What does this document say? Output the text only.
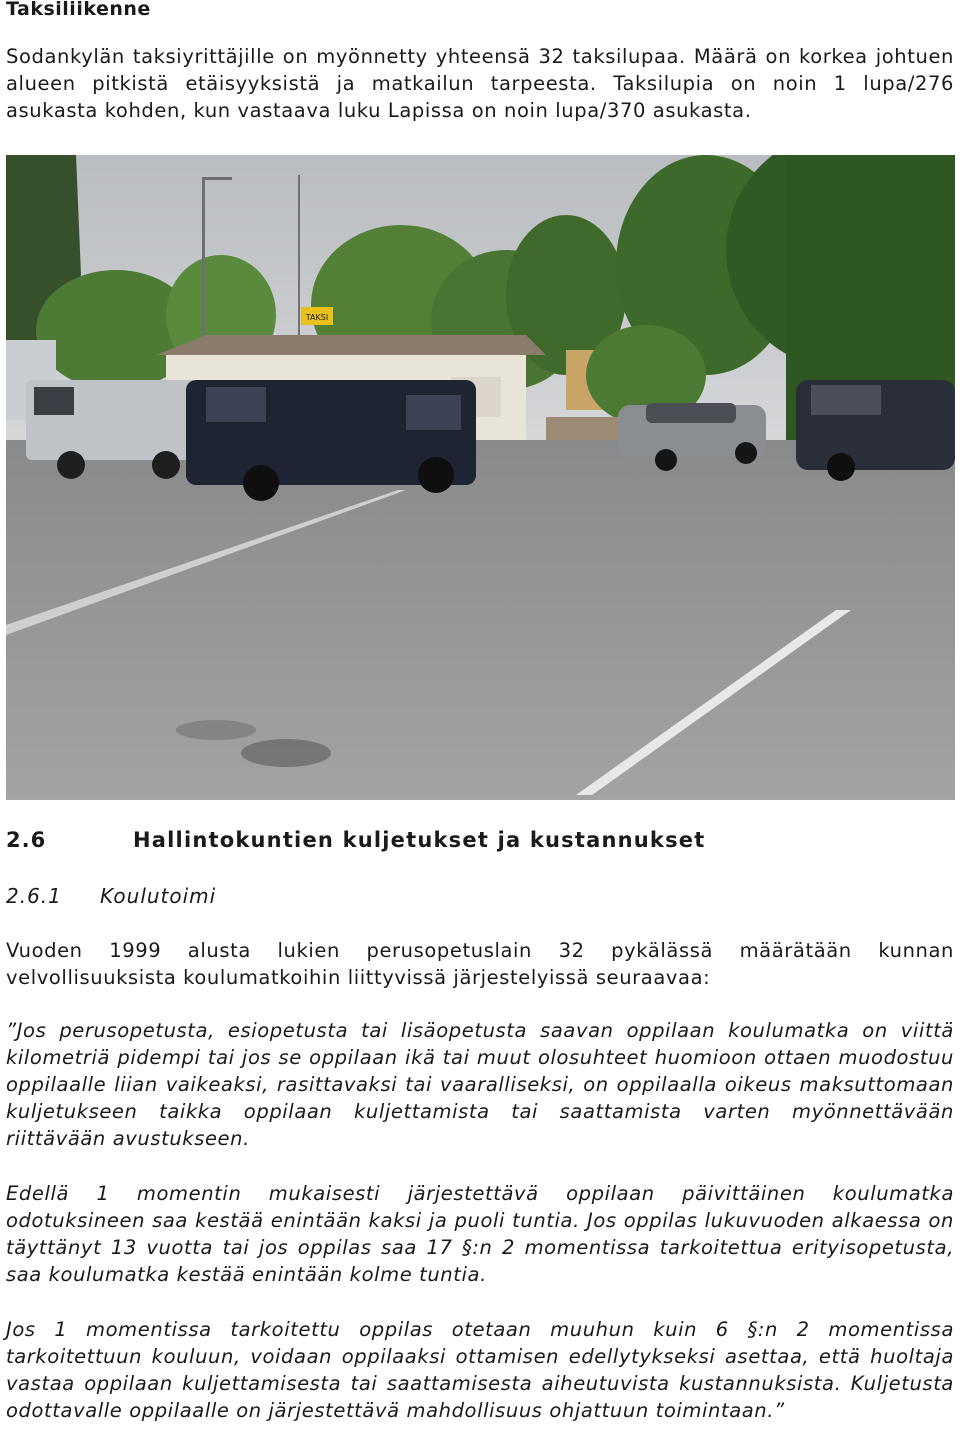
Taksiliikenne
Sodankylän taksiyrittäjille on myönnetty yhteensä 32 taksilupaa. Määrä on korkea johtuen alueen pitkistä etäisyyksistä ja matkailun tarpeesta. Taksilupia on noin 1 lupa/276 asukasta kohden, kun vastaava luku Lapissa on noin lupa/370 asukasta.
TAKSI
2.6	Hallintokuntien kuljetukset ja kustannukset
2.6.1 Koulutoimi
Vuoden 1999 alusta lukien perusopetuslain 32 pykälässä määrätään kunnan velvollisuuksista koulumatkoihin liittyvissä järjestelyissä seuraavaa:
”Jos perusopetusta, esiopetusta tai lisäopetusta saavan oppilaan koulumatka on viittä kilometriä pidempi tai jos se oppilaan ikä tai muut olosuhteet huomioon ottaen muodostuu oppilaalle liian vaikeaksi, rasittavaksi tai vaaralliseksi, on oppilaalla oikeus maksuttomaan kuljetukseen taikka oppilaan kuljettamista tai saattamista varten myönnettävään riittävään avustukseen.
Edellä 1 momentin mukaisesti järjestettävä oppilaan päivittäinen koulumatka odotuksineen saa kestää enintään kaksi ja puoli tuntia. Jos oppilas lukuvuoden alkaessa on täyttänyt 13 vuotta tai jos oppilas saa 17 §:n 2 momentissa tarkoitettua erityisopetusta, saa koulumatka kestää enintään kolme tuntia.
Jos 1 momentissa tarkoitettu oppilas otetaan muuhun kuin 6 §:n 2 momentissa tarkoitettuun kouluun, voidaan oppilaaksi ottamisen edellytykseksi asettaa, että huoltaja vastaa oppilaan kuljettamisesta tai saattamisesta aiheutuvista kustannuksista. Kuljetusta odottavalle oppilaalle on järjestettävä mahdollisuus ohjattuun toimintaan.”
